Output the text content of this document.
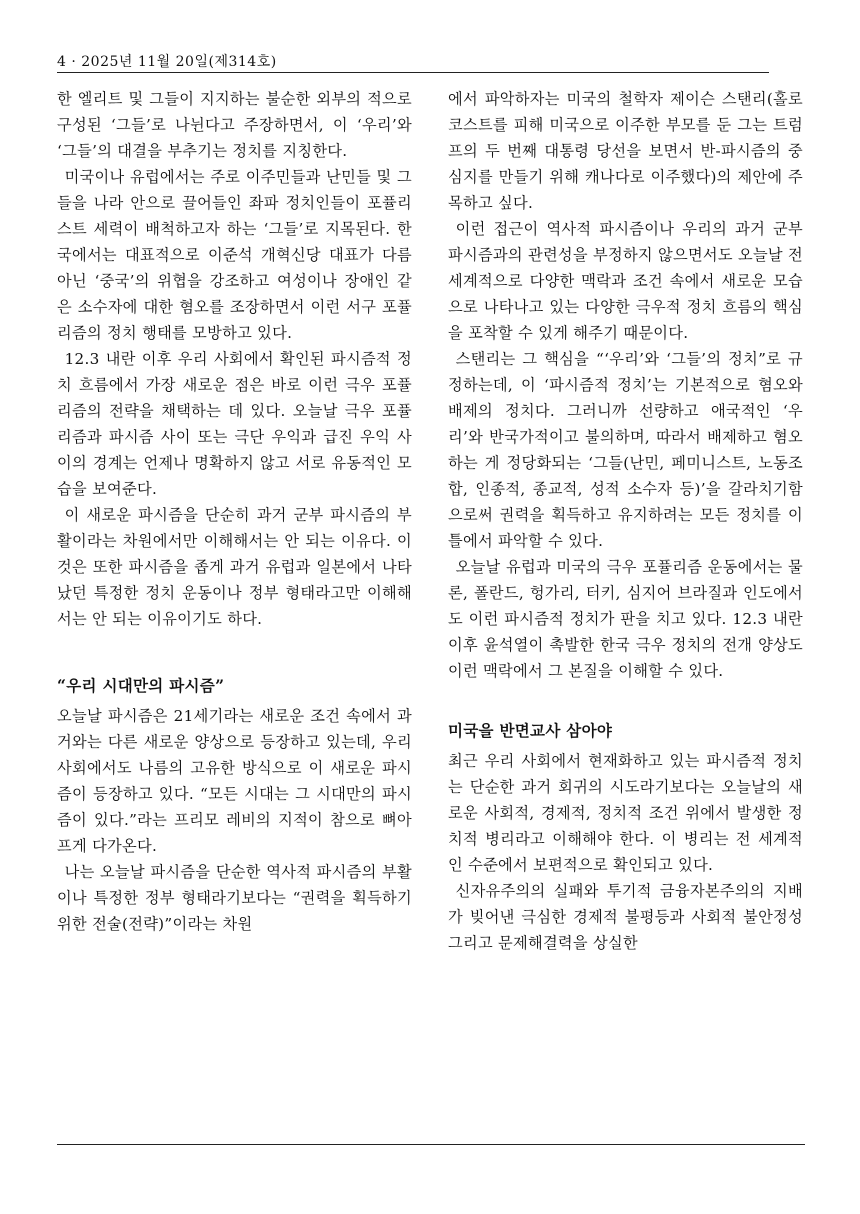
4 · 2025년 11월 20일(제314호)

한 엘리트 및 그들이 지지하는 불순한 외부의 적으로 구성된 ‘그들’로 나뉜다고 주장하면서, 이 ‘우리’와 ‘그들’의 대결을 부추기는 정치를 지칭한다.

미국이나 유럽에서는 주로 이주민들과 난민들 및 그들을 나라 안으로 끌어들인 좌파 정치인들이 포퓰리스트 세력이 배척하고자 하는 ‘그들’로 지목된다. 한국에서는 대표적으로 이준석 개혁신당 대표가 다름 아닌 ‘중국’의 위협을 강조하고 여성이나 장애인 같은 소수자에 대한 혐오를 조장하면서 이런 서구 포퓰리즘의 정치 행태를 모방하고 있다.

12.3 내란 이후 우리 사회에서 확인된 파시즘적 정치 흐름에서 가장 새로운 점은 바로 이런 극우 포퓰리즘의 전략을 채택하는 데 있다. 오늘날 극우 포퓰리즘과 파시즘 사이 또는 극단 우익과 급진 우익 사이의 경계는 언제나 명확하지 않고 서로 유동적인 모습을 보여준다.

이 새로운 파시즘을 단순히 과거 군부 파시즘의 부활이라는 차원에서만 이해해서는 안 되는 이유다. 이것은 또한 파시즘을 좁게 과거 유럽과 일본에서 나타났던 특정한 정치 운동이나 정부 형태라고만 이해해서는 안 되는 이유이기도 하다.

“우리 시대만의 파시즘”

오늘날 파시즘은 21세기라는 새로운 조건 속에서 과거와는 다른 새로운 양상으로 등장하고 있는데, 우리 사회에서도 나름의 고유한 방식으로 이 새로운 파시즘이 등장하고 있다. “모든 시대는 그 시대만의 파시즘이 있다.”라는 프리모 레비의 지적이 참으로 뼈아프게 다가온다.

나는 오늘날 파시즘을 단순한 역사적 파시즘의 부활이나 특정한 정부 형태라기보다는 “권력을 획득하기 위한 전술(전략)”이라는 차원

에서 파악하자는 미국의 철학자 제이슨 스탠리(홀로코스트를 피해 미국으로 이주한 부모를 둔 그는 트럼프의 두 번째 대통령 당선을 보면서 반-파시즘의 중심지를 만들기 위해 캐나다로 이주했다)의 제안에 주목하고 싶다.

이런 접근이 역사적 파시즘이나 우리의 과거 군부 파시즘과의 관련성을 부정하지 않으면서도 오늘날 전 세계적으로 다양한 맥락과 조건 속에서 새로운 모습으로 나타나고 있는 다양한 극우적 정치 흐름의 핵심을 포착할 수 있게 해주기 때문이다.

스탠리는 그 핵심을 “‘우리’와 ‘그들’의 정치”로 규정하는데, 이 ‘파시즘적 정치’는 기본적으로 혐오와 배제의 정치다. 그러니까 선량하고 애국적인 ‘우리’와 반국가적이고 불의하며, 따라서 배제하고 혐오하는 게 정당화되는 ‘그들(난민, 페미니스트, 노동조합, 인종적, 종교적, 성적 소수자 등)’을 갈라치기함으로써 권력을 획득하고 유지하려는 모든 정치를 이 틀에서 파악할 수 있다.

오늘날 유럽과 미국의 극우 포퓰리즘 운동에서는 물론, 폴란드, 헝가리, 터키, 심지어 브라질과 인도에서도 이런 파시즘적 정치가 판을 치고 있다. 12.3 내란 이후 윤석열이 촉발한 한국 극우 정치의 전개 양상도 이런 맥락에서 그 본질을 이해할 수 있다.

미국을 반면교사 삼아야

최근 우리 사회에서 현재화하고 있는 파시즘적 정치는 단순한 과거 회귀의 시도라기보다는 오늘날의 새로운 사회적, 경제적, 정치적 조건 위에서 발생한 정치적 병리라고 이해해야 한다. 이 병리는 전 세계적인 수준에서 보편적으로 확인되고 있다.

신자유주의의 실패와 투기적 금융자본주의의 지배가 빚어낸 극심한 경제적 불평등과 사회적 불안정성 그리고 문제해결력을 상실한
